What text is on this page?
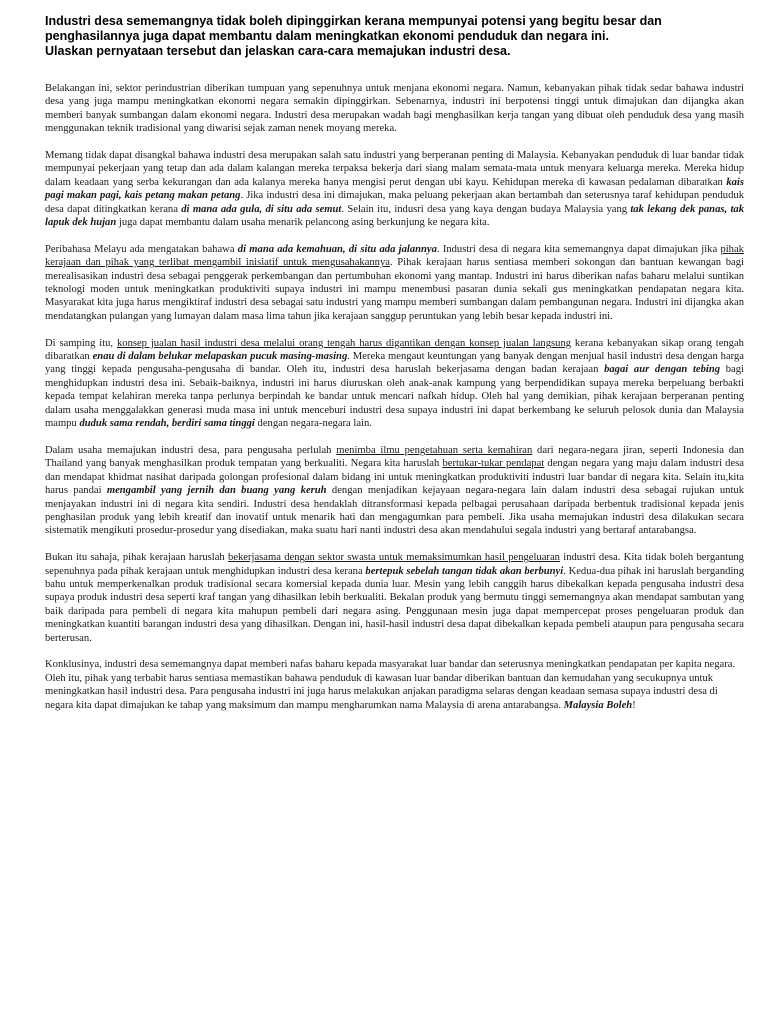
Industri desa sememangnya tidak boleh dipinggirkan kerana mempunyai potensi yang begitu besar dan
penghasilannya juga dapat membantu dalam meningkatkan ekonomi penduduk dan negara ini.
Ulaskan pernyataan tersebut dan jelaskan cara-cara memajukan industri desa.

Belakangan ini, sektor perindustrian diberikan tumpuan yang sepenuhnya untuk menjana ekonomi negara. Namun, kebanyakan pihak tidak sedar bahawa industri desa yang juga mampu meningkatkan ekonomi negara semakin dipinggirkan. Sebenarnya, industri ini berpotensi tinggi untuk dimajukan dan dijangka akan memberi banyak sumbangan dalam ekonomi negara. Industri desa merupakan wadah bagi menghasilkan kerja tangan yang dibuat oleh penduduk desa yang masih menggunakan teknik tradisional yang diwarisi sejak zaman nenek moyang mereka.

Memang tidak dapat disangkal bahawa industri desa merupakan salah satu industri yang berperanan penting di Malaysia. Kebanyakan penduduk di luar bandar tidak mempunyai pekerjaan yang tetap dan ada dalam kalangan mereka terpaksa bekerja dari siang malam semata-mata untuk menyara keluarga mereka. Mereka hidup dalam keadaan yang serba kekurangan dan ada kalanya mereka hanya mengisi perut dengan ubi kayu. Kehidupan mereka di kawasan pedalaman dibaratkan kais pagi makan pagi, kais petang makan petang. Jika industri desa ini dimajukan, maka peluang pekerjaan akan bertambah dan seterusnya taraf kehidupan penduduk desa dapat ditingkatkan kerana di mana ada gula, di situ ada semut. Selain itu, indusri desa yang kaya dengan budaya Malaysia yang tak lekang dek panas, tak lapuk dek hujan juga dapat membantu dalam usaha menarik pelancong asing berkunjung ke negara kita.

Peribahasa Melayu ada mengatakan bahawa di mana ada kemahuan, di situ ada jalannya. Industri desa di negara kita sememangnya dapat dimajukan jika pihak kerajaan dan pihak yang terlibat mengambil inisiatif untuk mengusahakannya. Pihak kerajaan harus sentiasa memberi sokongan dan bantuan kewangan bagi merealisasikan industri desa sebagai penggerak perkembangan dan pertumbuhan ekonomi yang mantap. Industri ini harus diberikan nafas baharu melalui suntikan teknologi moden untuk meningkatkan produktiviti supaya industri ini mampu menembusi pasaran dunia sekali gus meningkatkan pendapatan negara kita. Masyarakat kita juga harus mengiktiraf industri desa sebagai satu industri yang mampu memberi sumbangan dalam pembangunan negara. Industri ini dijangka akan mendatangkan pulangan yang lumayan dalam masa lima tahun jika kerajaan sanggup peruntukan yang lebih besar kepada industri ini.

Di samping itu, konsep jualan hasil industri desa melalui orang tengah harus digantikan dengan konsep jualan langsung kerana kebanyakan sikap orang tengah dibaratkan enau di dalam belukar melapaskan pucuk masing-masing. Mereka mengaut keuntungan yang banyak dengan menjual hasil industri desa dengan harga yang tinggi kepada pengusaha-pengusaha di bandar. Oleh itu, industri desa haruslah bekerjasama dengan badan kerajaan bagai aur dengan tebing bagi menghidupkan industri desa ini. Sebaik-baiknya, industri ini harus diuruskan oleh anak-anak kampung yang berpendidikan supaya mereka berpeluang berbakti kepada tempat kelahiran mereka tanpa perlunya berpindah ke bandar untuk mencari nafkah hidup. Oleh hal yang demikian, pihak kerajaan berperanan penting dalam usaha menggalakkan generasi muda masa ini untuk menceburi industri desa supaya industri ini dapat berkembang ke seluruh pelosok dunia dan Malaysia mampu duduk sama rendah, berdiri sama tinggi dengan negara-negara lain.

Dalam usaha memajukan industri desa, para pengusaha perlulah menimba ilmu pengetahuan serta kemahiran dari negara-negara jiran, seperti Indonesia dan Thailand yang banyak menghasilkan produk tempatan yang berkualiti. Negara kita haruslah bertukar-tukar pendapat dengan negara yang maju dalam industri desa dan mendapat khidmat nasihat daripada golongan profesional dalam bidang ini untuk meningkatkan produktiviti industri luar bandar di negara kita. Selain itu,kita harus pandai mengambil yang jernih dan buang yang keruh dengan menjadikan kejayaan negara-negara lain dalam industri desa sebagai rujukan untuk menjayakan industri ini di negara kita sendiri. Industri desa hendaklah ditransformasi kepada pelbagai perusahaan daripada berbentuk tradisional kepada jenis penghasilan produk yang lebih kreatif dan inovatif untuk menarik hati dan mengagumkan para pembeli. Jika usaha memajukan industri desa dilakukan secara sistematik mengikuti prosedur-prosedur yang disediakan, maka suatu hari nanti industri desa akan mendahului segala industri yang bertaraf antarabangsa.

Bukan itu sahaja, pihak kerajaan haruslah bekerjasama dengan sektor swasta untuk memaksimumkan hasil pengeluaran industri desa. Kita tidak boleh bergantung sepenuhnya pada pihak kerajaan untuk menghidupkan industri desa kerana bertepuk sebelah tangan tidak akan berbunyi. Kedua-dua pihak ini haruslah berganding bahu untuk memperkenalkan produk tradisional secara komersial kepada dunia luar. Mesin yang lebih canggih harus dibekalkan kepada pengusaha industri desa supaya produk industri desa seperti kraf tangan yang dihasilkan lebih berkualiti. Bekalan produk yang bermutu tinggi sememangnya akan mendapat sambutan yang baik daripada para pembeli di negara kita mahupun pembeli dari negara asing. Penggunaan mesin juga dapat mempercepat proses pengeluaran produk dan meningkatkan kuantiti barangan industri desa yang dihasilkan. Dengan ini, hasil-hasil industri desa dapat dibekalkan kepada pembeli ataupun para pengusaha secara berterusan.

Konklusinya, industri desa sememangnya dapat memberi nafas baharu kepada masyarakat luar bandar dan seterusnya meningkatkan pendapatan per kapita negara. Oleh itu, pihak yang terbabit harus sentiasa memastikan bahawa penduduk di kawasan luar bandar diberikan bantuan dan kemudahan yang secukupnya untuk meningkatkan hasil industri desa. Para pengusaha industri ini juga harus melakukan anjakan paradigma selaras dengan keadaan semasa supaya industri desa di negara kita dapat dimajukan ke tahap yang maksimum dan mampu mengharumkan nama Malaysia di arena antarabangsa. Malaysia Boleh!
